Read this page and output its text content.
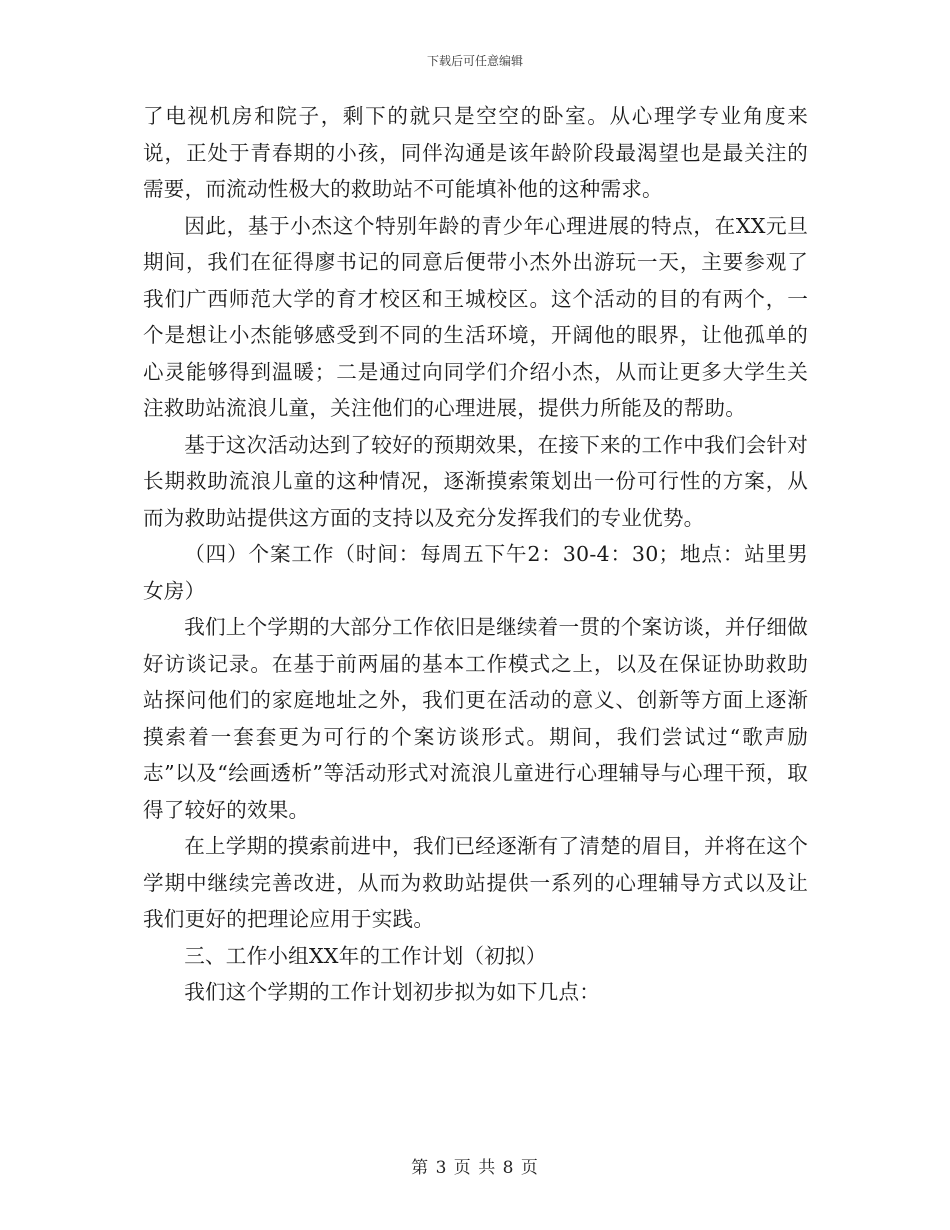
下载后可任意编辑

了电视机房和院子，剩下的就只是空空的卧室。从心理学专业角度来说，正处于青春期的小孩，同伴沟通是该年龄阶段最渴望也是最关注的需要，而流动性极大的救助站不可能填补他的这种需求。

因此，基于小杰这个特别年龄的青少年心理进展的特点，在XX元旦期间，我们在征得廖书记的同意后便带小杰外出游玩一天，主要参观了我们广西师范大学的育才校区和王城校区。这个活动的目的有两个，一个是想让小杰能够感受到不同的生活环境，开阔他的眼界，让他孤单的心灵能够得到温暖；二是通过向同学们介绍小杰，从而让更多大学生关注救助站流浪儿童，关注他们的心理进展，提供力所能及的帮助。

基于这次活动达到了较好的预期效果，在接下来的工作中我们会针对长期救助流浪儿童的这种情况，逐渐摸索策划出一份可行性的方案，从而为救助站提供这方面的支持以及充分发挥我们的专业优势。

（四）个案工作（时间：每周五下午2：30-4：30；地点：站里男女房）

我们上个学期的大部分工作依旧是继续着一贯的个案访谈，并仔细做好访谈记录。在基于前两届的基本工作模式之上，以及在保证协助救助站探问他们的家庭地址之外，我们更在活动的意义、创新等方面上逐渐摸索着一套套更为可行的个案访谈形式。期间，我们尝试过“歌声励志”以及“绘画透析”等活动形式对流浪儿童进行心理辅导与心理干预，取得了较好的效果。

在上学期的摸索前进中，我们已经逐渐有了清楚的眉目，并将在这个学期中继续完善改进，从而为救助站提供一系列的心理辅导方式以及让我们更好的把理论应用于实践。

三、工作小组XX年的工作计划（初拟）

我们这个学期的工作计划初步拟为如下几点：

第 3 页 共 8 页
